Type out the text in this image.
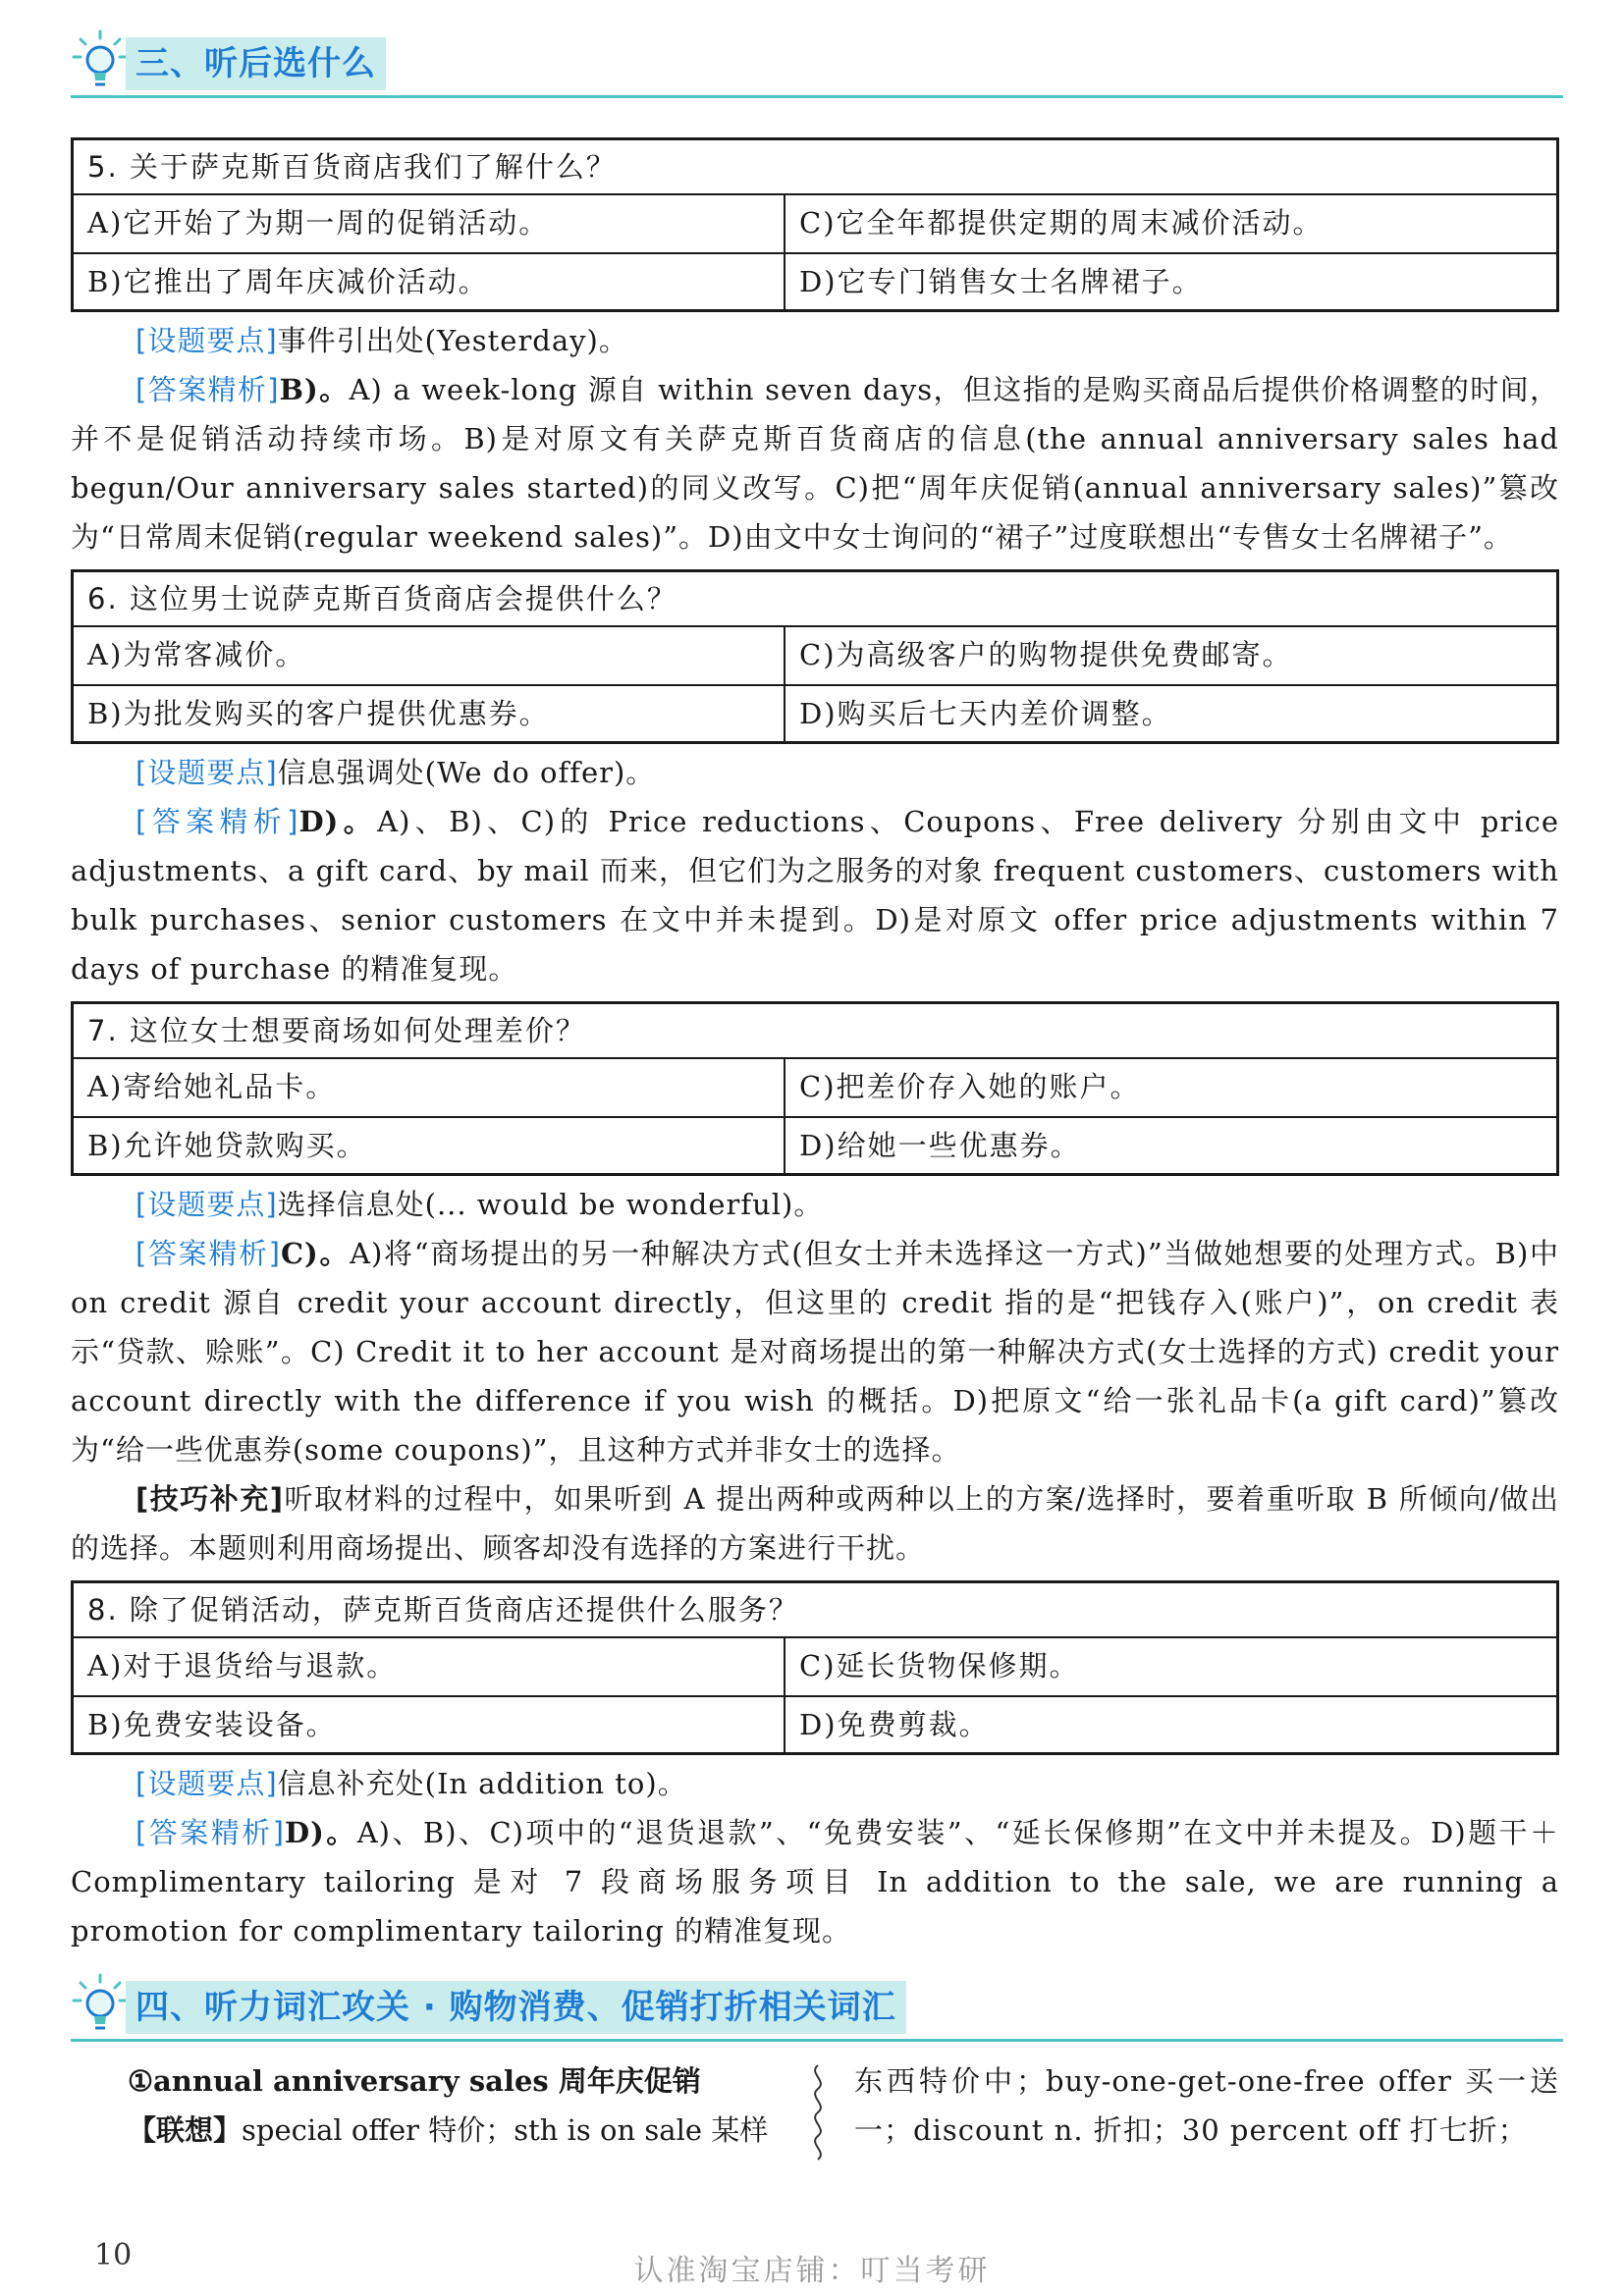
三、听后选什么
5. 关于萨克斯百货商店我们了解什么？
A)它开始了为期一周的促销活动。	C)它全年都提供定期的周末减价活动。
B)它推出了周年庆减价活动。	D)它专门销售女士名牌裙子。
[设题要点]事件引出处(Yesterday)。
[答案精析]B)。A) a week-long 源自 within seven days，但这指的是购买商品后提供价格调整的时间，并不是促销活动持续市场。B)是对原文有关萨克斯百货商店的信息(the annual anniversary sales had begun/Our anniversary sales started)的同义改写。C)把“周年庆促销(annual anniversary sales)”篡改为“日常周末促销(regular weekend sales)”。D)由文中女士询问的“裙子”过度联想出“专售女士名牌裙子”。
6. 这位男士说萨克斯百货商店会提供什么？
A)为常客减价。	C)为高级客户的购物提供免费邮寄。
B)为批发购买的客户提供优惠券。	D)购买后七天内差价调整。
[设题要点]信息强调处(We do offer)。
[答案精析]D)。A)、B)、C)的 Price reductions、Coupons、Free delivery 分别由文中 price adjustments、a gift card、by mail 而来，但它们为之服务的对象 frequent customers、customers with bulk purchases、senior customers 在文中并未提到。D)是对原文 offer price adjustments within 7 days of purchase 的精准复现。
7. 这位女士想要商场如何处理差价？
A)寄给她礼品卡。	C)把差价存入她的账户。
B)允许她贷款购买。	D)给她一些优惠券。
[设题要点]选择信息处(... would be wonderful)。
[答案精析]C)。A)将“商场提出的另一种解决方式(但女士并未选择这一方式)”当做她想要的处理方式。B)中 on credit 源自 credit your account directly，但这里的 credit 指的是“把钱存入(账户)”，on credit 表示“贷款、赊账”。C) Credit it to her account 是对商场提出的第一种解决方式(女士选择的方式) credit your account directly with the difference if you wish 的概括。D)把原文“给一张礼品卡(a gift card)”篡改为“给一些优惠券(some coupons)”，且这种方式并非女士的选择。
[技巧补充]听取材料的过程中，如果听到 A 提出两种或两种以上的方案/选择时，要着重听取 B 所倾向/做出的选择。本题则利用商场提出、顾客却没有选择的方案进行干扰。
8. 除了促销活动，萨克斯百货商店还提供什么服务？
A)对于退货给与退款。	C)延长货物保修期。
B)免费安装设备。	D)免费剪裁。
[设题要点]信息补充处(In addition to)。
[答案精析]D)。A)、B)、C)项中的“退货退款”、“免费安装”、“延长保修期”在文中并未提及。D)题干＋Complimentary tailoring 是对 7 段商场服务项目 In addition to the sale, we are running a promotion for complimentary tailoring 的精准复现。
四、听力词汇攻关 · 购物消费、促销打折相关词汇
①annual anniversary sales 周年庆促销
【联想】special offer 特价；sth is on sale 某样
东西特价中；buy-one-get-one-free offer 买一送一；discount n. 折扣；30 percent off 打七折；
10	认准淘宝店铺：叮当考研
